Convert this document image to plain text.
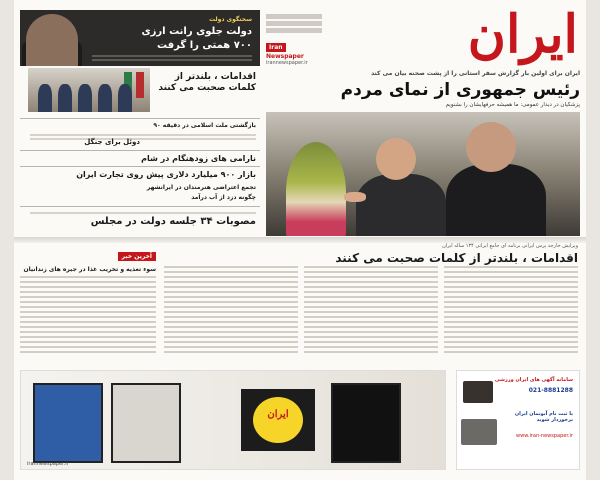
ایران
Iran
Newspaper
irannewspaper.ir
سخنگوی دولت
دولت جلوی رانت ارزی
۷۰۰ همتی را گرفت
ایران برای اولین بار گزارش سفر استانی را از پشت صحنه بیان می کند
رئیس جمهوری از نمای مردم
پزشکیان در دیدار عمومی: ما همیشه حرفهایشان را بشنویم
اقدامات ، بلندتر از کلمات صحبت می کنند
بازگشتی ملت اسلامی در دقیقه ۹۰
دوئل برای جنگل
نارامی های زودهنگام در شام
بازار ۹۰۰ میلیارد دلاری پیش روی تجارت ایران
تجمع اعتراضی هنرمندان در ایرانشهر
چگونه دزد از آب درآمد
مصوبات ۳۴ جلسه دولت در مجلس
ویرایش خارجه پرس ایرانی برنامه ای جامع ایرانی ۱۳۴ ساله ایران
اقدامات ، بلندتر از کلمات صحبت می کنند
آخرین خبر
سوء تغذیه و تخریب غذا در جیره های زندانیان
سامانه آگهی های ایران ورزشی
021-8881288
با ثبت نام آبونمان ایران برخوردار شوید
www.iran-newspaper.ir
ایران
irannewspaper.ir
